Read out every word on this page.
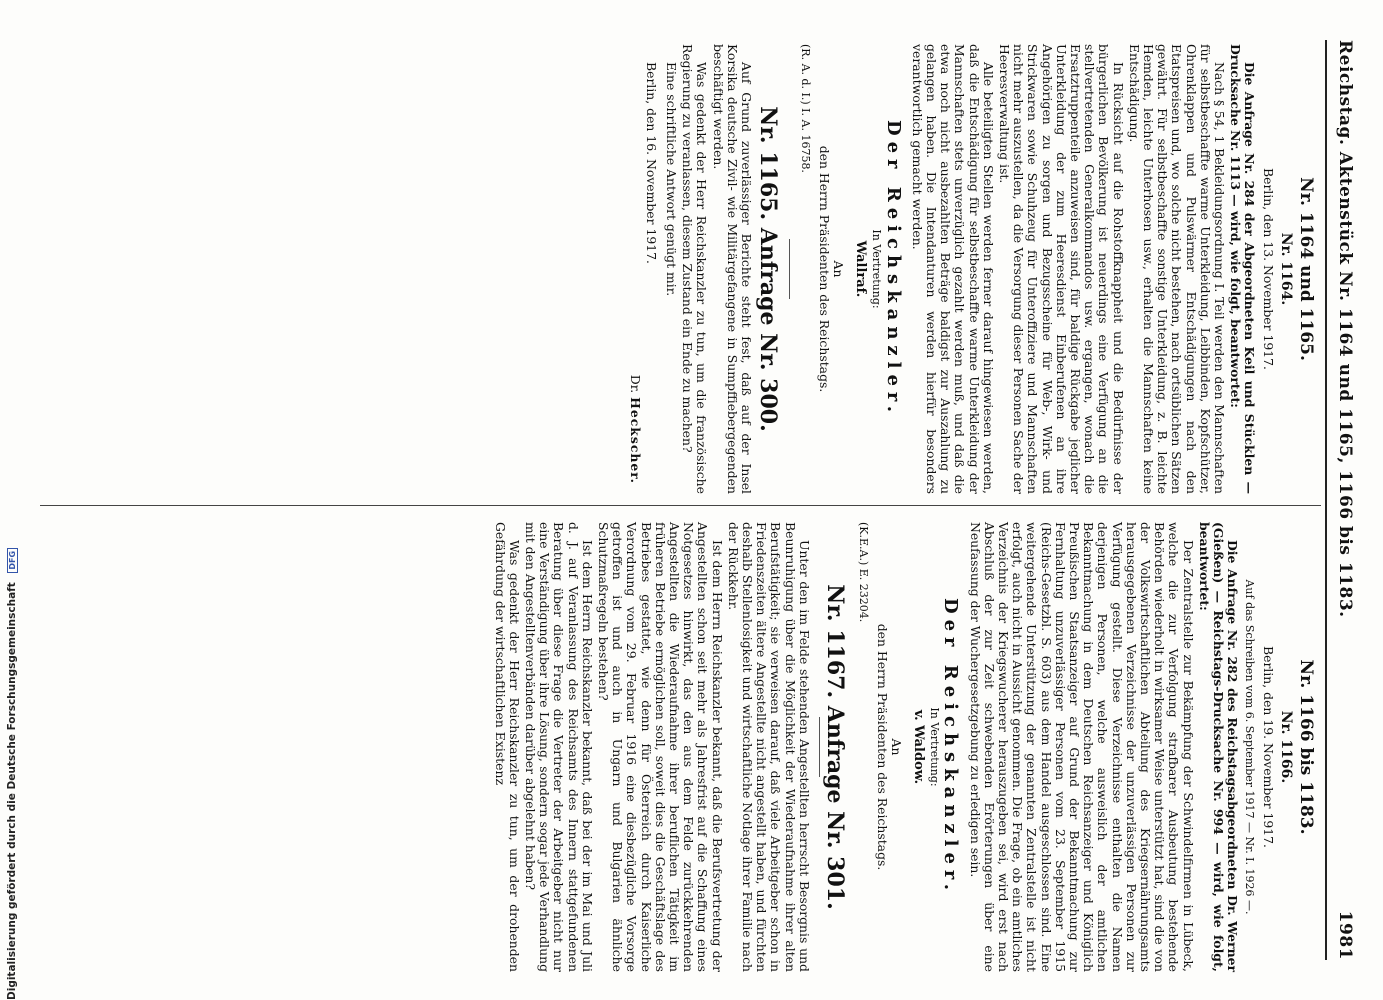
Digitalisierung gefördert durch die Deutsche Forschungsgemeinschaft DFG	Reichstag. Aktenstück Nr. 1164 und 1165, 1166 bis 1183.
1981
Nr. 1164 und 1165.
Nr. 1164.
Berlin, den 13. November 1917.

Die Anfrage Nr. 284 der Abgeordneten Keil und Stücklen — Drucksache Nr. 1113 — wird, wie folgt, beantwortet:

Nach § 54, 1 Bekleidungsordnung I. Teil werden den Mannschaften für selbstbeschaffte warme Unterkleidung, Leibbinden, Kopfschützer, Ohrenklappen und Pulswärmer Entschädigungen nach den Etatspreisen und, wo solche nicht bestehen, nach ortsüblichen Sätzen gewährt. Für selbstbeschaffte sonstige Unterkleidung, z. B. leichte Hemden, leichte Unterhosen usw., erhalten die Mannschaften keine Entschädigung.

In Rücksicht auf die Rohstoffknappheit und die Bedürfnisse der bürgerlichen Bevölkerung ist neuerdings eine Verfügung an die stellvertretenden Generalkommandos usw. ergangen, wonach die Ersatztruppenteile anzuweisen sind, für baldige Rückgabe jeglicher Unterkleidung der zum Heeresdienst Einberufenen an ihre Angehörigen zu sorgen und Bezugsscheine für Web-, Wirk- und Strickwaren sowie Schuhzeug für Unteroffiziere und Mannschaften nicht mehr auszustellen, da die Versorgung dieser Personen Sache der Heeresverwaltung ist.

Alle beteiligten Stellen werden ferner darauf hingewiesen werden, daß die Entschädigung für selbstbeschaffte warme Unterkleidung der Mannschaften stets unverzüglich gezahlt werden muß, und daß die etwa noch nicht ausbezahlten Beträge baldigst zur Auszahlung zu gelangen haben. Die Intendanturen werden hierfür besonders verantwortlich gemacht werden.

Der Reichskanzler.
In Vertretung:
Wallraf.
An
den Herrn Präsidenten des Reichstags.
(R. A. d. I.) I. A. 16758.
Nr. 1165. Anfrage Nr. 300.

Auf Grund zuverlässiger Berichte steht fest, daß auf der Insel Korsika deutsche Zivil- wie Militärgefangene in Sumpffiebergegenden beschäftigt werden.

Was gedenkt der Herr Reichskanzler zu tun, um die französische Regierung zu veranlassen, diesem Zustand ein Ende zu machen?

Eine schriftliche Antwort genügt mir.

Berlin, den 16. November 1917.
Dr. Heckscher.
Nr. 1166 bis 1183.
Nr. 1166.
Berlin, den 19. November 1917.
Auf das Schreiben vom 6. September 1917 — Nr. I. 1926 —.

Die Anfrage Nr. 282 des Reichstagsabgeordneten Dr. Werner (Gießen) — Reichstags-Drucksache Nr. 994 — wird, wie folgt, beantwortet:

Der Zentralstelle zur Bekämpfung der Schwindelfirmen in Lübeck, welche die zur Verfolgung strafbarer Ausbeutung bestehende Behörden wiederholt in wirksamer Weise unterstützt hat, sind die von der Volkswirtschaftlichen Abteilung des Kriegsernährungsamts herausgegebenen Verzeichnisse der unzuverlässigen Personen zur Verfügung gestellt. Diese Verzeichnisse enthalten die Namen derjenigen Personen, welche ausweislich der amtlichen Bekanntmachung in dem Deutschen Reichsanzeiger und Königlich Preußischen Staatsanzeiger auf Grund der Bekanntmachung zur Fernhaltung unzuverlässiger Personen vom 23. September 1915 (Reichs-Gesetzbl. S. 603) aus dem Handel ausgeschlossen sind. Eine weitergehende Unterstützung der genannten Zentralstelle ist nicht erfolgt, auch nicht in Aussicht genommen. Die Frage, ob ein amtliches Verzeichnis der Kriegswucherer herauszugeben sei, wird erst nach Abschluß der zur Zeit schwebenden Erörterungen über eine Neufassung der Wuchergesetzgebung zu erledigen sein.

Der Reichskanzler.
In Vertretung:
v. Waldow.
An
den Herrn Präsidenten des Reichstags.
(K.E.A.) E. 23204.
Nr. 1167. Anfrage Nr. 301.

Unter den im Felde stehenden Angestellten herrscht Besorgnis und Beunruhigung über die Möglichkeit der Wiederaufnahme ihrer alten Berufstätigkeit; sie verweisen darauf, daß viele Arbeitgeber schon in Friedenszeiten ältere Angestellte nicht angestellt haben, und fürchten deshalb Stellenlosigkeit und wirtschaftliche Notlage ihrer Familie nach der Rückkehr.

Ist dem Herrn Reichskanzler bekannt, daß die Berufsvertretung der Angestellten schon seit mehr als Jahresfrist auf die Schaffung eines Notgesetzes hinwirkt, das den aus dem Felde zurückkehrenden Angestellten die Wiederaufnahme ihrer beruflichen Tätigkeit im früheren Betriebe ermöglichen soll, soweit dies die Geschäftslage des Betriebes gestattet, wie denn für Österreich durch Kaiserliche Verordnung vom 29. Februar 1916 eine diesbezügliche Vorsorge getroffen ist und auch in Ungarn und Bulgarien ähnliche Schutzmaßregeln bestehen?

Ist dem Herrn Reichskanzler bekannt, daß bei der im Mai und Juli d. J. auf Veranlassung des Reichsamts des Innern stattgefundenen Beratung über diese Frage die Vertreter der Arbeitgeber nicht nur eine Verständigung über ihre Lösung, sondern sogar jede Verhandlung mit den Angestelltenverbänden darüber abgelehnt haben?

Was gedenkt der Herr Reichskanzler zu tun, um der drohenden Gefährdung der wirtschaftlichen Existenz
